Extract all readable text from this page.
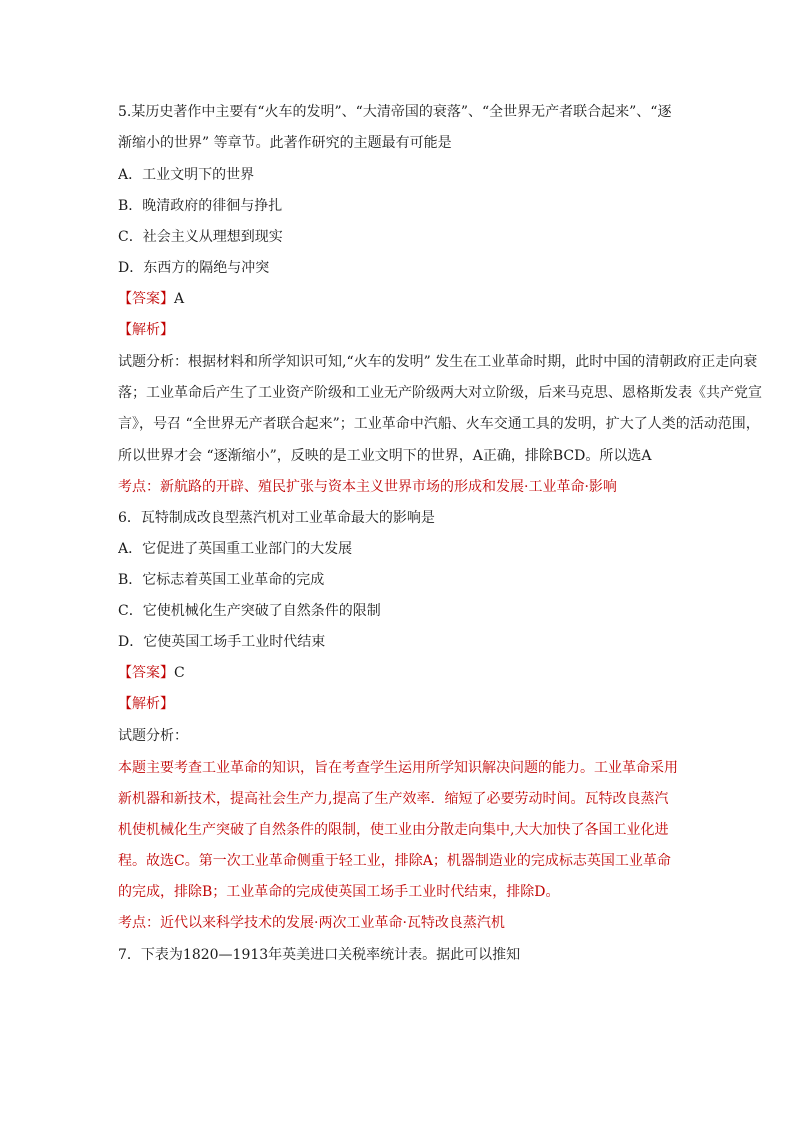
5.某历史著作中主要有“火车的发明”、“大清帝国的衰落”、“全世界无产者联合起来”、“逐
渐缩小的世界” 等章节。此著作研究的主题最有可能是
A．工业文明下的世界
B．晚清政府的徘徊与挣扎
C．社会主义从理想到现实
D．东西方的隔绝与冲突
【答案】A
【解析】
试题分析：根据材料和所学知识可知,“火车的发明” 发生在工业革命时期，此时中国的清朝政府正走向衰
落；工业革命后产生了工业资产阶级和工业无产阶级两大对立阶级，后来马克思、恩格斯发表《共产党宣
言》，号召 “全世界无产者联合起来”；工业革命中汽船、火车交通工具的发明，扩大了人类的活动范围，
所以世界才会 “逐渐缩小”，反映的是工业文明下的世界，A正确，排除BCD。所以选A
考点：新航路的开辟、殖民扩张与资本主义世界市场的形成和发展·工业革命·影响
6．瓦特制成改良型蒸汽机对工业革命最大的影响是
A．它促进了英国重工业部门的大发展
B．它标志着英国工业革命的完成
C．它使机械化生产突破了自然条件的限制
D．它使英国工场手工业时代结束
【答案】C
【解析】
试题分析：
本题主要考查工业革命的知识，旨在考查学生运用所学知识解决问题的能力。工业革命采用
新机器和新技术，提高社会生产力,提高了生产效率．缩短了必要劳动时间。瓦特改良蒸汽
机使机械化生产突破了自然条件的限制，使工业由分散走向集中,大大加快了各国工业化进
程。故选C。第一次工业革命侧重于轻工业，排除A；机器制造业的完成标志英国工业革命
的完成，排除B；工业革命的完成使英国工场手工业时代结束，排除D。
考点：近代以来科学技术的发展·两次工业革命·瓦特改良蒸汽机
7．下表为1820—1913年英美进口关税率统计表。据此可以推知
